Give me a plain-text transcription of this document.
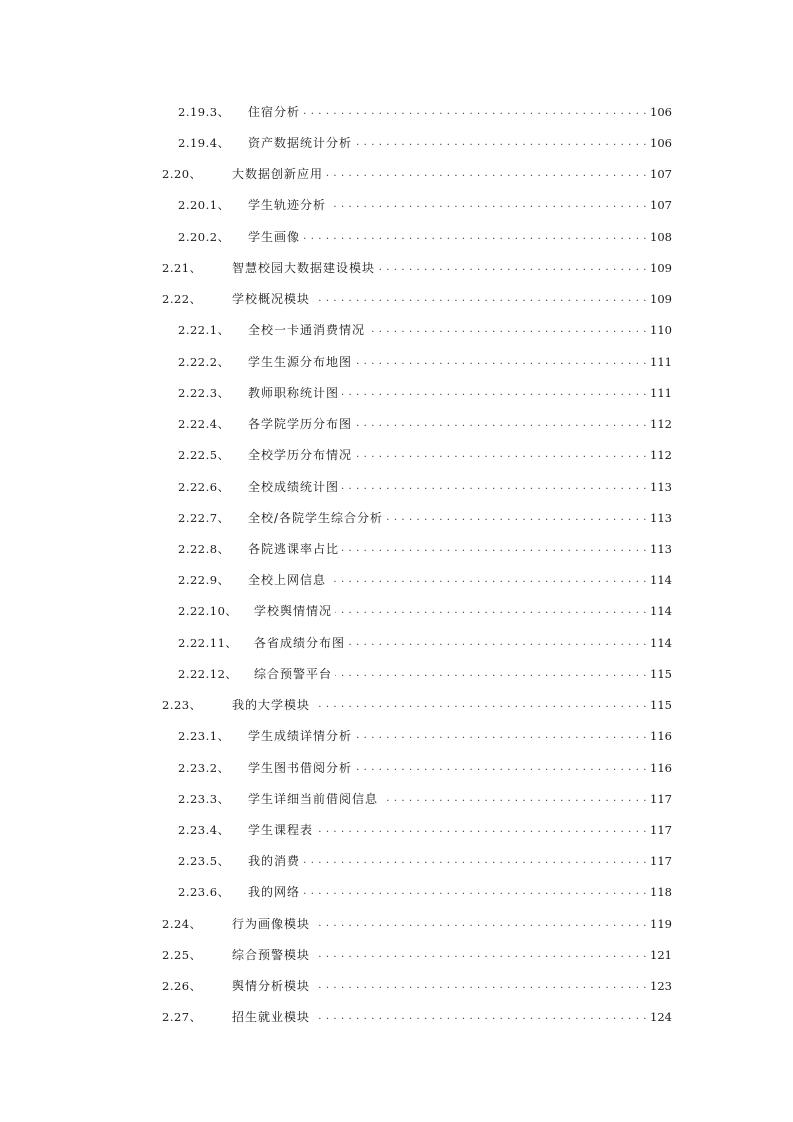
2.19.3、	住宿分析 . . .	106
2.19.4、	资产数据统计分析 . . .	106
2.20、	大数据创新应用 . . .	107
2.20.1、	学生轨迹分析 . . .	107
2.20.2、	学生画像 . . .	108
2.21、	智慧校园大数据建设模块 . . .	109
2.22、	学校概况模块 . . .	109
2.22.1、	全校一卡通消费情况 . . .	110
2.22.2、	学生生源分布地图 . . .	111
2.22.3、	教师职称统计图 . . .	111
2.22.4、	各学院学历分布图 . . .	112
2.22.5、	全校学历分布情况 . . .	112
2.22.6、	全校成绩统计图 . . .	113
2.22.7、	全校/各院学生综合分析 . . .	113
2.22.8、	各院逃课率占比 . . .	113
2.22.9、	全校上网信息 . . .	114
2.22.10、	学校舆情情况 . . .	114
2.22.11、	各省成绩分布图 . . .	114
2.22.12、	综合预警平台 . . .	115
2.23、	我的大学模块 . . .	115
2.23.1、	学生成绩详情分析 . . .	116
2.23.2、	学生图书借阅分析 . . .	116
2.23.3、	学生详细当前借阅信息 . . .	117
2.23.4、	学生课程表 . . .	117
2.23.5、	我的消费 . . .	117
2.23.6、	我的网络 . . .	118
2.24、	行为画像模块 . . .	119
2.25、	综合预警模块 . . .	121
2.26、	舆情分析模块 . . .	123
2.27、	招生就业模块 . . .	124
